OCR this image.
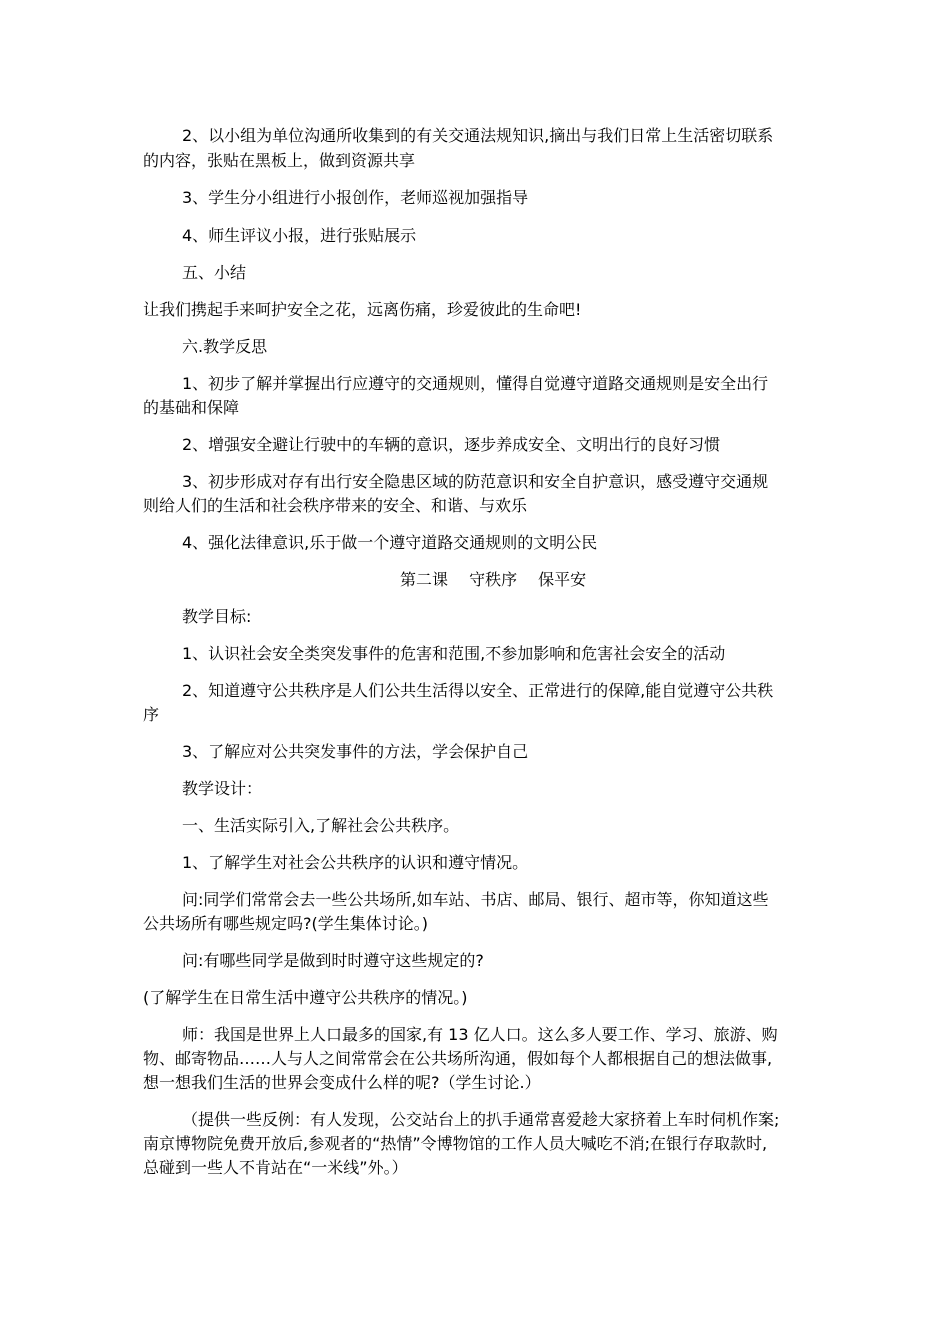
2、以小组为单位沟通所收集到的有关交通法规知识,摘出与我们日常上生活密切联系
的内容，张贴在黑板上，做到资源共享
3、学生分小组进行小报创作，老师巡视加强指导
4、师生评议小报，进行张贴展示
五、小结
让我们携起手来呵护安全之花，远离伤痛，珍爱彼此的生命吧!
六.教学反思
1、初步了解并掌握出行应遵守的交通规则，懂得自觉遵守道路交通规则是安全出行
的基础和保障
2、增强安全避让行驶中的车辆的意识，逐步养成安全、文明出行的良好习惯
3、初步形成对存有出行安全隐患区域的防范意识和安全自护意识，感受遵守交通规
则给人们的生活和社会秩序带来的安全、和谐、与欢乐
4、强化法律意识,乐于做一个遵守道路交通规则的文明公民
第二课　 守秩序　 保平安
教学目标:
1、认识社会安全类突发事件的危害和范围,不参加影响和危害社会安全的活动
2、知道遵守公共秩序是人们公共生活得以安全、正常进行的保障,能自觉遵守公共秩
序
3、了解应对公共突发事件的方法，学会保护自己
教学设计：
一、生活实际引入,了解社会公共秩序。
1、了解学生对社会公共秩序的认识和遵守情况。
问:同学们常常会去一些公共场所,如车站、书店、邮局、银行、超市等，你知道这些
公共场所有哪些规定吗?(学生集体讨论。)
问:有哪些同学是做到时时遵守这些规定的?
(了解学生在日常生活中遵守公共秩序的情况。)
师：我国是世界上人口最多的国家,有 13 亿人口。这么多人要工作、学习、旅游、购
物、邮寄物品……人与人之间常常会在公共场所沟通，假如每个人都根据自己的想法做事,
想一想我们生活的世界会变成什么样的呢?（学生讨论.）
（提供一些反例：有人发现，公交站台上的扒手通常喜爱趁大家挤着上车时伺机作案;
南京博物院免费开放后,参观者的“热情”令博物馆的工作人员大喊吃不消;在银行存取款时,
总碰到一些人不肯站在“一米线”外。）
